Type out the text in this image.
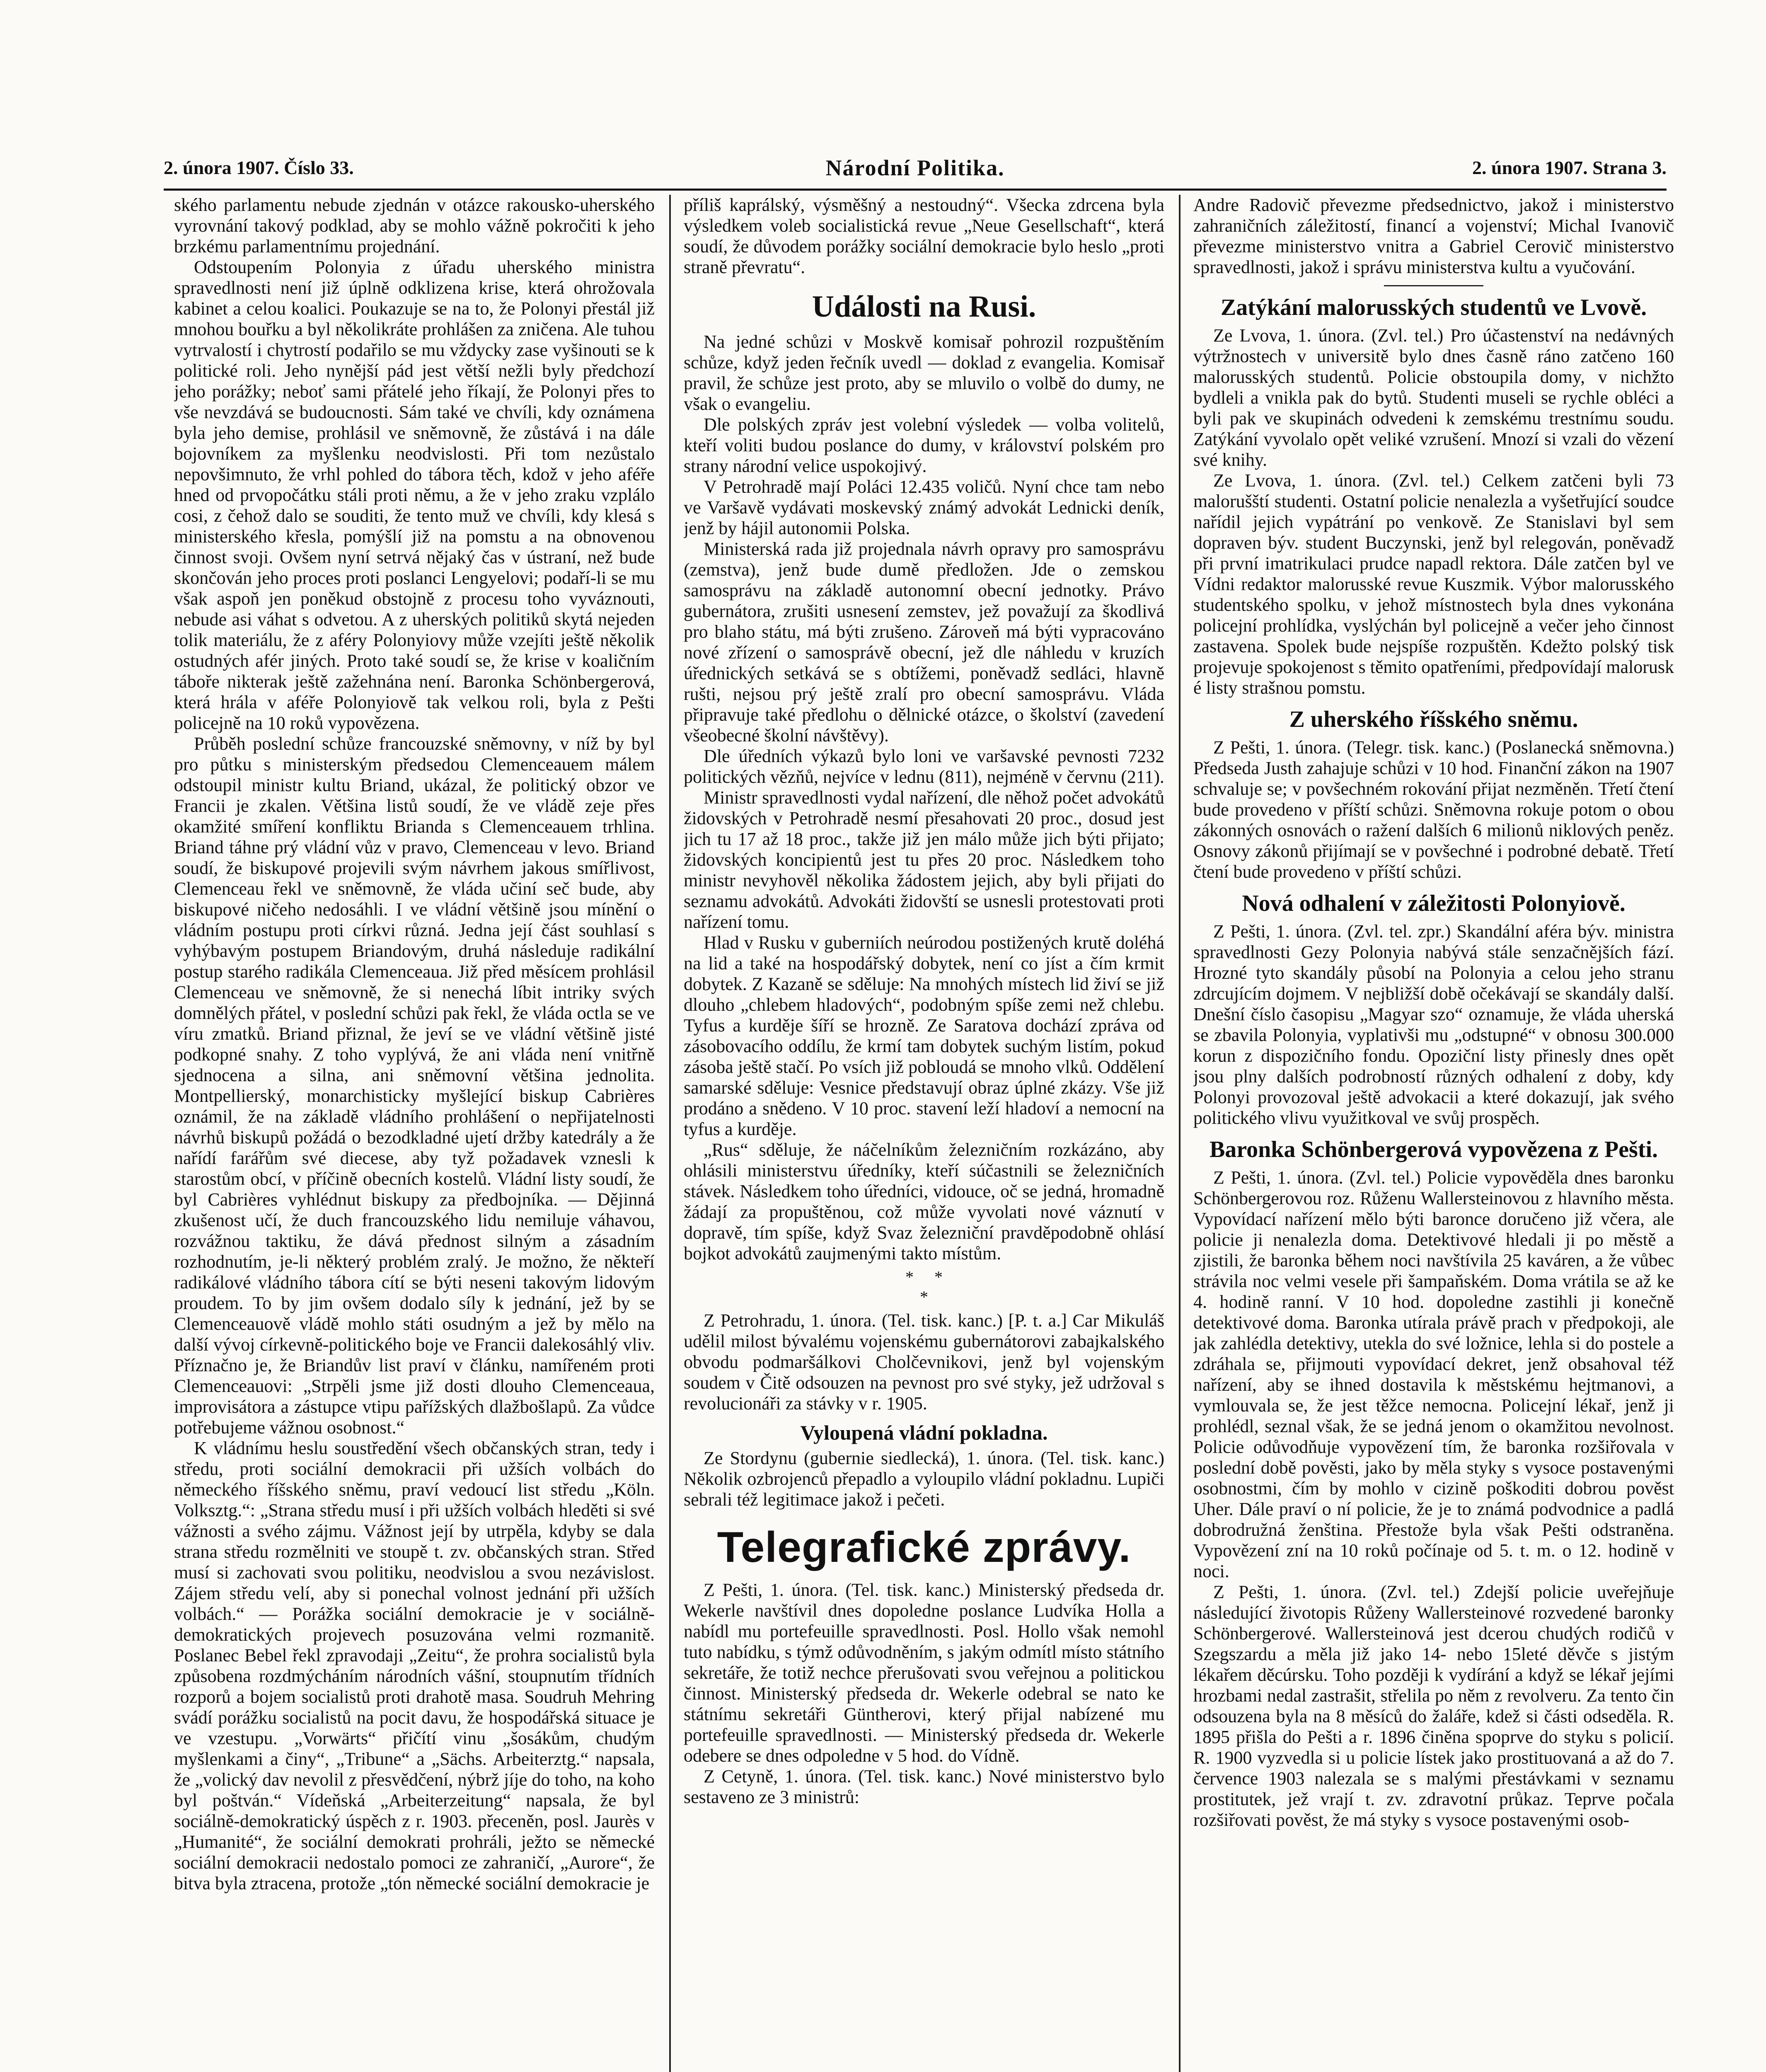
2. února 1907. Číslo 33.	Národní Politika.	2. února 1907. Strana 3.

ského parlamentu nebude zjednán v otázce rakousko-uherského vyrovnání takový podklad, aby se mohlo vážně pokročiti k jeho brzkému parlamentnímu projednání.

Odstoupením Polonyia z úřadu uherského ministra spravedlnosti není již úplně odklizena krise, která ohrožovala kabinet a celou koalici. Poukazuje se na to, že Polonyi přestál již mnohou bouřku a byl několikráte prohlášen za zničena. Ale tuhou vytrvalostí i chytrostí podařilo se mu vždycky zase vyšinouti se k politické roli. Jeho nynější pád jest větší nežli byly předchozí jeho porážky; neboť sami přátelé jeho říkají, že Polonyi přes to vše nevzdává se budoucnosti. Sám také ve chvíli, kdy oznámena byla jeho demise, prohlásil ve sněmovně, že zůstává i na dále bojovníkem za myšlenku neodvislosti. Při tom nezůstalo nepovšimnuto, že vrhl pohled do tábora těch, kdož v jeho aféře hned od prvopočátku stáli proti němu, a že v jeho zraku vzplálo cosi, z čehož dalo se souditi, že tento muž ve chvíli, kdy klesá s ministerského křesla, pomýšlí již na pomstu a na obnovenou činnost svoji. Ovšem nyní setrvá nějaký čas v ústraní, než bude skončován jeho proces proti poslanci Lengyelovi; podaří-li se mu však aspoň jen poněkud obstojně z procesu toho vyváznouti, nebude asi váhat s odvetou. A z uherských politiků skytá nejeden tolik materiálu, že z aféry Polonyiovy může vzejíti ještě několik ostudných afér jiných. Proto také soudí se, že krise v koaličním táboře nikterak ještě zažehnána není. Baronka Schönbergerová, která hrála v aféře Polonyiově tak velkou roli, byla z Pešti policejně na 10 roků vypovězena.

Průběh poslední schůze francouzské sněmovny, v níž by byl pro půtku s ministerským předsedou Clemenceauem málem odstoupil ministr kultu Briand, ukázal, že politický obzor ve Francii je zkalen. Většina listů soudí, že ve vládě zeje přes okamžité smíření konfliktu Brianda s Clemenceauem trhlina. Briand táhne prý vládní vůz v pravo, Clemenceau v levo. Briand soudí, že biskupové projevili svým návrhem jakous smířlivost, Clemenceau řekl ve sněmovně, že vláda učiní seč bude, aby biskupové ničeho nedosáhli. I ve vládní většině jsou mínění o vládním postupu proti církvi různá. Jedna její část souhlasí s vyhýbavým postupem Briandovým, druhá následuje radikální postup starého radikála Clemenceaua. Již před měsícem prohlásil Clemenceau ve sněmovně, že si nenechá líbit intriky svých domnělých přátel, v poslední schůzi pak řekl, že vláda octla se ve víru zmatků. Briand přiznal, že jeví se ve vládní většině jisté podkopné snahy. Z toho vyplývá, že ani vláda není vnitřně sjednocena a silna, ani sněmovní většina jednolita. Montpellierský, monarchisticky myšlející biskup Cabrières oznámil, že na základě vládního prohlášení o nepřijatelnosti návrhů biskupů požádá o bezodkladné ujetí držby katedrály a že nařídí farářům své diecese, aby tyž požadavek vznesli k starostům obcí, v příčině obecních kostelů. Vládní listy soudí, že byl Cabrières vyhlédnut biskupy za předbojníka. — Dějinná zkušenost učí, že duch francouzského lidu nemiluje váhavou, rozvážnou taktiku, že dává přednost silným a zásadním rozhodnutím, je-li některý problém zralý. Je možno, že někteří radikálové vládního tábora cítí se býti neseni takovým lidovým proudem. To by jim ovšem dodalo síly k jednání, jež by se Clemenceauově vládě mohlo státi osudným a jež by mělo na další vývoj církevně-politického boje ve Francii dalekosáhlý vliv. Příznačno je, že Briandův list praví v článku, namířeném proti Clemenceauovi: „Strpěli jsme již dosti dlouho Clemenceaua, improvisátora a zástupce vtipu pařížských dlažbošlapů. Za vůdce potřebujeme vážnou osobnost.“

K vládnímu heslu soustředění všech občanských stran, tedy i středu, proti sociální demokracii při užších volbách do německého říšského sněmu, praví vedoucí list středu „Köln. Volksztg.“: „Strana středu musí i při užších volbách hleděti si své vážnosti a svého zájmu. Vážnost její by utrpěla, kdyby se dala strana středu rozmělniti ve stoupě t. zv. občanských stran. Střed musí si zachovati svou politiku, neodvislou a svou nezávislost. Zájem středu velí, aby si ponechal volnost jednání při užších volbách.“ — Porážka sociální demokracie je v sociálně-demokratických projevech posuzována velmi rozmanitě. Poslanec Bebel řekl zpravodaji „Zeitu“, že prohra socialistů byla způsobena rozdmýcháním národních vášní, stoupnutím třídních rozporů a bojem socialistů proti drahotě masa. Soudruh Mehring svádí porážku socialistů na pocit davu, že hospodářská situace je ve vzestupu. „Vorwärts“ přičítí vinu „šosákům, chudým myšlenkami a činy“, „Tribune“ a „Sächs. Arbeiterztg.“ napsala, že „volický dav nevolil z přesvědčení, nýbrž jíje do toho, na koho byl poštván.“ Vídeňská „Arbeiterzeitung“ napsala, že byl sociálně-demokratický úspěch z r. 1903. přeceněn, posl. Jaurès v „Humanité“, že sociální demokrati prohráli, ježto se německé sociální demokracii nedostalo pomoci ze zahraničí, „Aurore“, že bitva byla ztracena, protože „tón německé sociální demokracie je

příliš kaprálský, výsměšný a nestoudný“. Všecka zdrcena byla výsledkem voleb socialistická revue „Neue Gesellschaft“, která soudí, že důvodem porážky sociální demokracie bylo heslo „proti straně převratu“.

Události na Rusi.

Na jedné schůzi v Moskvě komisař pohrozil rozpuštěním schůze, když jeden řečník uvedl — doklad z evangelia. Komisař pravil, že schůze jest proto, aby se mluvilo o volbě do dumy, ne však o evangeliu.

Dle polských zpráv jest volební výsledek — volba volitelů, kteří voliti budou poslance do dumy, v království polském pro strany národní velice uspokojivý.

V Petrohradě mají Poláci 12.435 voličů. Nyní chce tam nebo ve Varšavě vydávati moskevský známý advokát Lednicki deník, jenž by hájil autonomii Polska.

Ministerská rada již projednala návrh opravy pro samosprávu (zemstva), jenž bude dumě předložen. Jde o zemskou samosprávu na základě autonomní obecní jednotky. Právo gubernátora, zrušiti usnesení zemstev, jež považují za škodlivá pro blaho státu, má býti zrušeno. Zároveň má býti vypracováno nové zřízení o samosprávě obecní, jež dle náhledu v kruzích úřednických setkává se s obtížemi, poněvadž sedláci, hlavně rušti, nejsou prý ještě zralí pro obecní samosprávu. Vláda připravuje také předlohu o dělnické otázce, o školství (zavedení všeobecné školní návštěvy).

Dle úředních výkazů bylo loni ve varšavské pevnosti 7232 politických vězňů, nejvíce v lednu (811), nejméně v červnu (211).

Ministr spravedlnosti vydal nařízení, dle něhož počet advokátů židovských v Petrohradě nesmí přesahovati 20 proc., dosud jest jich tu 17 až 18 proc., takže již jen málo může jich býti přijato; židovských koncipientů jest tu přes 20 proc. Následkem toho ministr nevyhověl několika žádostem jejich, aby byli přijati do seznamu advokátů. Advokáti židovští se usnesli protestovati proti nařízení tomu.

Hlad v Rusku v guberniích neúrodou postižených krutě doléhá na lid a také na hospodářský dobytek, není co jíst a čím krmit dobytek. Z Kazaně se sděluje: Na mnohých místech lid živí se již dlouho „chlebem hladových“, podobným spíše zemi než chlebu. Tyfus a kurděje šíří se hrozně. Ze Saratova dochází zpráva od zásobovacího oddílu, že krmí tam dobytek suchým listím, pokud zásoba ještě stačí. Po vsích již pobloudá se mnoho vlků. Oddělení samarské sděluje: Vesnice představují obraz úplné zkázy. Vše již prodáno a snědeno. V 10 proc. stavení leží hladoví a nemocní na tyfus a kurděje.

„Rus“ sděluje, že náčelníkům železničním rozkázáno, aby ohlásili ministerstvu úředníky, kteří súčastnili se železničních stávek. Následkem toho úředníci, vidouce, oč se jedná, hromadně žádají za propuštěnou, což může vyvolati nové váznutí v dopravě, tím spíše, když Svaz železniční pravděpodobně ohlásí bojkot advokátů zaujmenými takto místům.

*     *
*

Z Petrohradu, 1. února. (Tel. tisk. kanc.) [P. t. a.] Car Mikuláš udělil milost bývalému vojenskému gubernátorovi zabajkalského obvodu podmaršálkovi Cholčevnikovi, jenž byl vojenským soudem v Čitě odsouzen na pevnost pro své styky, jež udržoval s revolucionáři za stávky v r. 1905.

Vyloupená vládní pokladna.

Ze Stordynu (gubernie siedlecká), 1. února. (Tel. tisk. kanc.) Několik ozbrojenců přepadlo a vyloupilo vládní pokladnu. Lupiči sebrali též legitimace jakož i pečeti.

Telegrafické zprávy.

Z Pešti, 1. února. (Tel. tisk. kanc.) Ministerský předseda dr. Wekerle navštívil dnes dopoledne poslance Ludvíka Holla a nabídl mu portefeuille spravedlnosti. Posl. Hollo však nemohl tuto nabídku, s týmž odůvodněním, s jakým odmítl místo státního sekretáře, že totiž nechce přerušovati svou veřejnou a politickou činnost. Ministerský předseda dr. Wekerle odebral se nato ke státnímu sekretáři Güntherovi, který přijal nabízené mu portefeuille spravedlnosti. — Ministerský předseda dr. Wekerle odebere se dnes odpoledne v 5 hod. do Vídně.

Z Cetyně, 1. února. (Tel. tisk. kanc.) Nové ministerstvo bylo sestaveno ze 3 ministrů:

Andre Radovič převezme předsednictvo, jakož i ministerstvo zahraničních záležitostí, financí a vojenství; Michal Ivanovič převezme ministerstvo vnitra a Gabriel Cerovič ministerstvo spravedlnosti, jakož i správu ministerstva kultu a vyučování.

Zatýkání malorusských studentů ve Lvově.

Ze Lvova, 1. února. (Zvl. tel.) Pro účastenství na nedávných výtržnostech v universitě bylo dnes časně ráno zatčeno 160 malorusských studentů. Policie obstoupila domy, v nichžto bydleli a vnikla pak do bytů. Studenti museli se rychle obléci a byli pak ve skupinách odvedeni k zemskému trestnímu soudu. Zatýkání vyvolalo opět veliké vzrušení. Mnozí si vzali do vězení své knihy.

Ze Lvova, 1. února. (Zvl. tel.) Celkem zatčeni byli 73 malorušští studenti. Ostatní policie nenalezla a vyšetřující soudce nařídil jejich vypátrání po venkově. Ze Stanislavi byl sem dopraven býv. student Buczynski, jenž byl relegován, poněvadž při první imatrikulaci prudce napadl rektora. Dále zatčen byl ve Vídni redaktor malorusské revue Kuszmik. Výbor malorusského studentského spolku, v jehož místnostech byla dnes vykonána policejní prohlídka, vyslýchán byl policejně a večer jeho činnost zastavena. Spolek bude nejspíše rozpuštěn. Kdežto polský tisk projevuje spokojenost s těmito opatřeními, předpovídají malorusk é listy strašnou pomstu.

Z uherského říšského sněmu.

Z Pešti, 1. února. (Telegr. tisk. kanc.) (Poslanecká sněmovna.) Předseda Justh zahajuje schůzi v 10 hod. Finanční zákon na 1907 schvaluje se; v povšechném rokování přijat nezměněn. Třetí čtení bude provedeno v příští schůzi. Sněmovna rokuje potom o obou zákonných osnovách o ražení dalších 6 milionů niklových peněz. Osnovy zákonů přijímají se v povšechné i podrobné debatě. Třetí čtení bude provedeno v příští schůzi.

Nová odhalení v záležitosti Polonyiově.

Z Pešti, 1. února. (Zvl. tel. zpr.) Skandální aféra býv. ministra spravedlnosti Gezy Polonyia nabývá stále senzačnějších fází. Hrozné tyto skandály působí na Polonyia a celou jeho stranu zdrcujícím dojmem. V nejbližší době očekávají se skandály další. Dnešní číslo časopisu „Magyar szo“ oznamuje, že vláda uherská se zbavila Polonyia, vyplativši mu „odstupné“ v obnosu 300.000 korun z dispozičního fondu. Opoziční listy přinesly dnes opět jsou plny dalších podrobností různých odhalení z doby, kdy Polonyi provozoval ještě advokacii a které dokazují, jak svého politického vlivu využitkoval ve svůj prospěch.

Baronka Schönbergerová vypovězena z Pešti.

Z Pešti, 1. února. (Zvl. tel.) Policie vypověděla dnes baronku Schönbergerovou roz. Růženu Wallersteinovou z hlavního města. Vypovídací nařízení mělo býti baronce doručeno již včera, ale policie ji nenalezla doma. Detektivové hledali ji po městě a zjistili, že baronka během noci navštívila 25 kaváren, a že vůbec strávila noc velmi vesele při šampaňském. Doma vrátila se až ke 4. hodině ranní. V 10 hod. dopoledne zastihli ji konečně detektivové doma. Baronka utírala právě prach v předpokoji, ale jak zahlédla detektivy, utekla do své ložnice, lehla si do postele a zdráhala se, přijmouti vypovídací dekret, jenž obsahoval též nařízení, aby se ihned dostavila k městskému hejtmanovi, a vymlouvala se, že jest těžce nemocna. Policejní lékař, jenž ji prohlédl, seznal však, že se jedná jenom o okamžitou nevolnost. Policie odůvodňuje vypovězení tím, že baronka rozšiřovala v poslední době pověsti, jako by měla styky s vysoce postavenými osobnostmi, čím by mohlo v cizině poškoditi dobrou pověst Uher. Dále praví o ní policie, že je to známá podvodnice a padlá dobrodružná ženština. Přestože byla však Pešti odstraněna. Vypovězení zní na 10 roků počínaje od 5. t. m. o 12. hodině v noci.

Z Pešti, 1. února. (Zvl. tel.) Zdejší policie uveřejňuje následující životopis Růženy Wallersteinové rozvedené baronky Schönbergerové. Wallersteinová jest dcerou chudých rodičů v Szegszardu a měla již jako 14- nebo 15leté děvče s jistým lékařem děcúrsku. Toho později k vydírání a když se lékař jejími hrozbami nedal zastrašit, střelila po něm z revolveru. Za tento čin odsouzena byla na 8 měsíců do žaláře, kdež si části odseděla. R. 1895 přišla do Pešti a r. 1896 činěna spoprve do styku s policií. R. 1900 vyzvedla si u policie lístek jako prostituovaná a až do 7. července 1903 nalezala se s malými přestávkami v seznamu prostitutek, jež vrají t. zv. zdravotní průkaz. Teprve počala rozšiřovati pověst, že má styky s vysoce postavenými osob-
